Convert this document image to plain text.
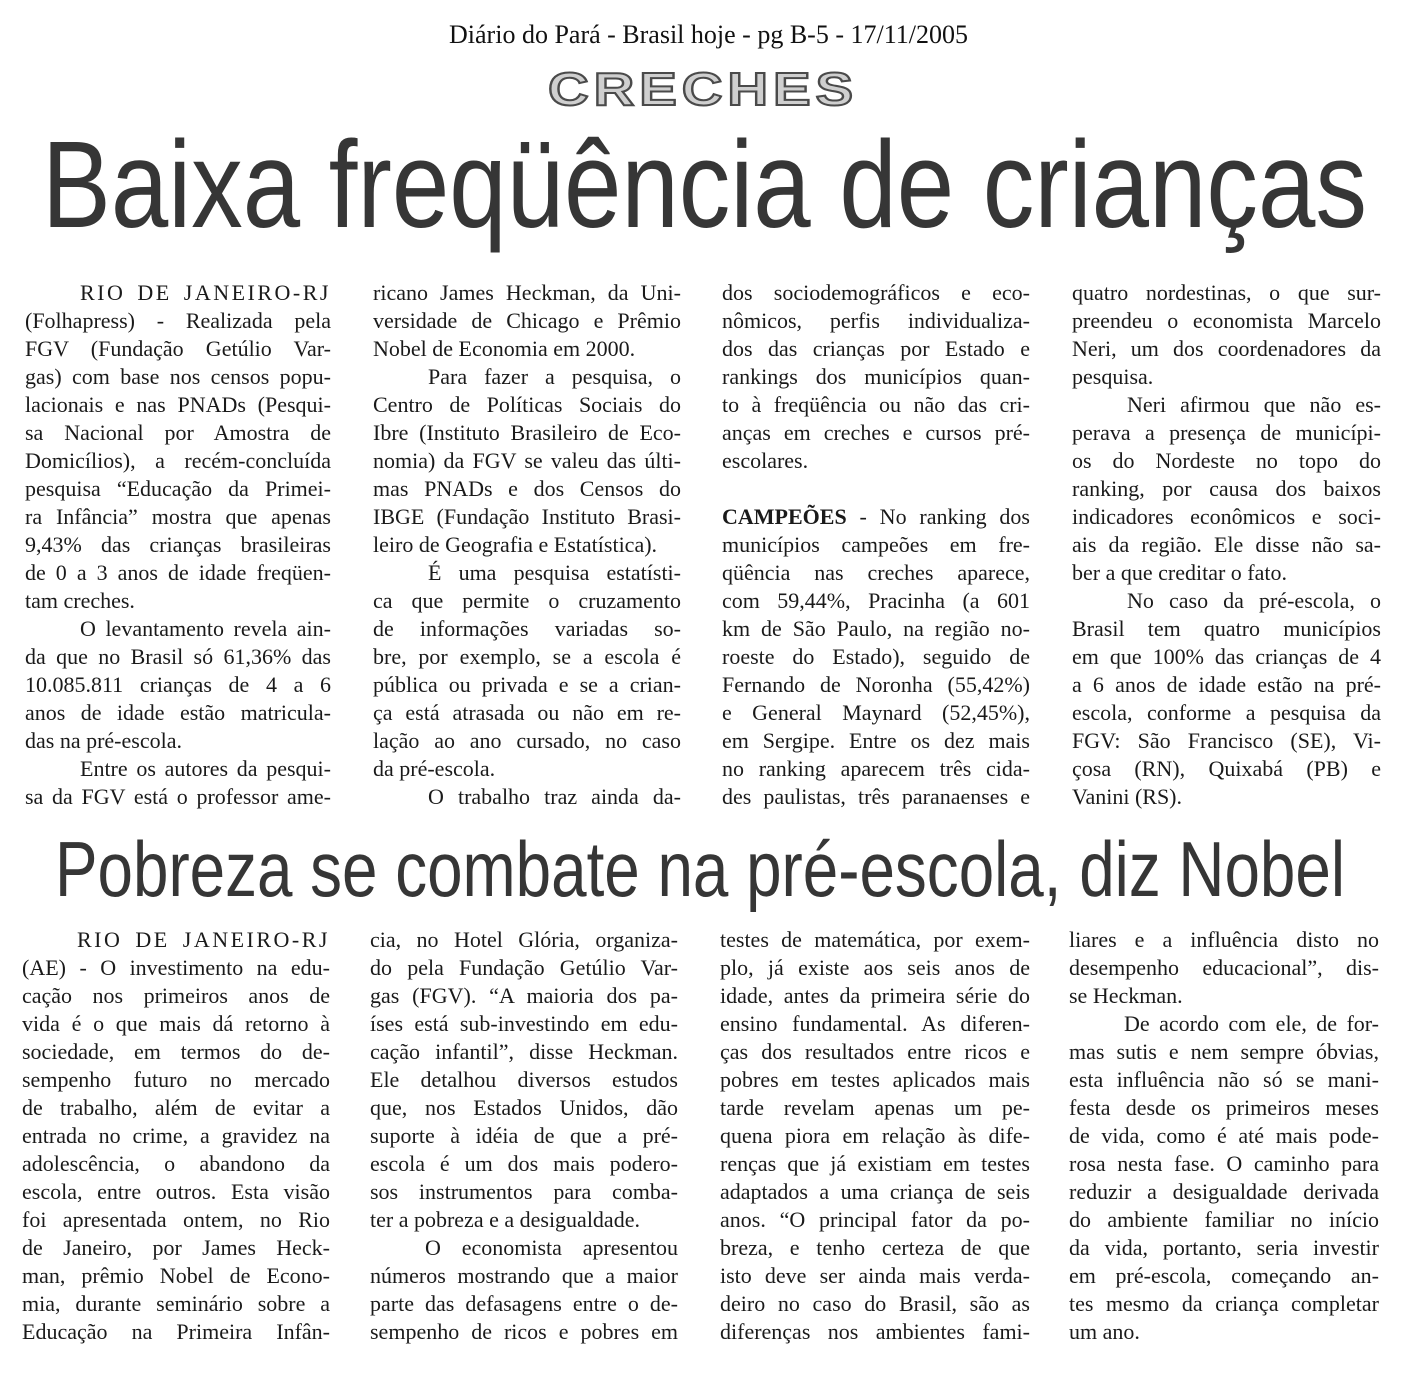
Diário do Pará - Brasil hoje - pg B-5 - 17/11/2005
CRECHES
Baixa freqüência de crianças
RIO DE JANEIRO-RJ
(Folhapress) - Realizada pela
FGV (Fundação Getúlio Var-
gas) com base nos censos popu-
lacionais e nas PNADs (Pesqui-
sa Nacional por Amostra de
Domicílios), a recém-concluída
pesquisa “Educação da Primei-
ra Infância” mostra que apenas
9,43% das crianças brasileiras
de 0 a 3 anos de idade freqüen-
tam creches.
O levantamento revela ain-
da que no Brasil só 61,36% das
10.085.811 crianças de 4 a 6
anos de idade estão matricula-
das na pré-escola.
Entre os autores da pesqui-
sa da FGV está o professor ame-
ricano James Heckman, da Uni-
versidade de Chicago e Prêmio
Nobel de Economia em 2000.
Para fazer a pesquisa, o
Centro de Políticas Sociais do
Ibre (Instituto Brasileiro de Eco-
nomia) da FGV se valeu das últi-
mas PNADs e dos Censos do
IBGE (Fundação Instituto Brasi-
leiro de Geografia e Estatística).
É uma pesquisa estatísti-
ca que permite o cruzamento
de informações variadas so-
bre, por exemplo, se a escola é
pública ou privada e se a crian-
ça está atrasada ou não em re-
lação ao ano cursado, no caso
da pré-escola.
O trabalho traz ainda da-
dos sociodemográficos e eco-
nômicos, perfis individualiza-
dos das crianças por Estado e
rankings dos municípios quan-
to à freqüência ou não das cri-
anças em creches e cursos pré-
escolares.
CAMPEÕES - No ranking dos
municípios campeões em fre-
qüência nas creches aparece,
com 59,44%, Pracinha (a 601
km de São Paulo, na região no-
roeste do Estado), seguido de
Fernando de Noronha (55,42%)
e General Maynard (52,45%),
em Sergipe. Entre os dez mais
no ranking aparecem três cida-
des paulistas, três paranaenses e
quatro nordestinas, o que sur-
preendeu o economista Marcelo
Neri, um dos coordenadores da
pesquisa.
Neri afirmou que não es-
perava a presença de municípi-
os do Nordeste no topo do
ranking, por causa dos baixos
indicadores econômicos e soci-
ais da região. Ele disse não sa-
ber a que creditar o fato.
No caso da pré-escola, o
Brasil tem quatro municípios
em que 100% das crianças de 4
a 6 anos de idade estão na pré-
escola, conforme a pesquisa da
FGV: São Francisco (SE), Vi-
çosa (RN), Quixabá (PB) e
Vanini (RS).
Pobreza se combate na pré-escola, diz Nobel
RIO DE JANEIRO-RJ
(AE) - O investimento na edu-
cação nos primeiros anos de
vida é o que mais dá retorno à
sociedade, em termos do de-
sempenho futuro no mercado
de trabalho, além de evitar a
entrada no crime, a gravidez na
adolescência, o abandono da
escola, entre outros. Esta visão
foi apresentada ontem, no Rio
de Janeiro, por James Heck-
man, prêmio Nobel de Econo-
mia, durante seminário sobre a
Educação na Primeira Infân-
cia, no Hotel Glória, organiza-
do pela Fundação Getúlio Var-
gas (FGV). “A maioria dos pa-
íses está sub-investindo em edu-
cação infantil”, disse Heckman.
Ele detalhou diversos estudos
que, nos Estados Unidos, dão
suporte à idéia de que a pré-
escola é um dos mais podero-
sos instrumentos para comba-
ter a pobreza e a desigualdade.
O economista apresentou
números mostrando que a maior
parte das defasagens entre o de-
sempenho de ricos e pobres em
testes de matemática, por exem-
plo, já existe aos seis anos de
idade, antes da primeira série do
ensino fundamental. As diferen-
ças dos resultados entre ricos e
pobres em testes aplicados mais
tarde revelam apenas um pe-
quena piora em relação às dife-
renças que já existiam em testes
adaptados a uma criança de seis
anos. “O principal fator da po-
breza, e tenho certeza de que
isto deve ser ainda mais verda-
deiro no caso do Brasil, são as
diferenças nos ambientes fami-
liares e a influência disto no
desempenho educacional”, dis-
se Heckman.
De acordo com ele, de for-
mas sutis e nem sempre óbvias,
esta influência não só se mani-
festa desde os primeiros meses
de vida, como é até mais pode-
rosa nesta fase. O caminho para
reduzir a desigualdade derivada
do ambiente familiar no início
da vida, portanto, seria investir
em pré-escola, começando an-
tes mesmo da criança completar
um ano.
